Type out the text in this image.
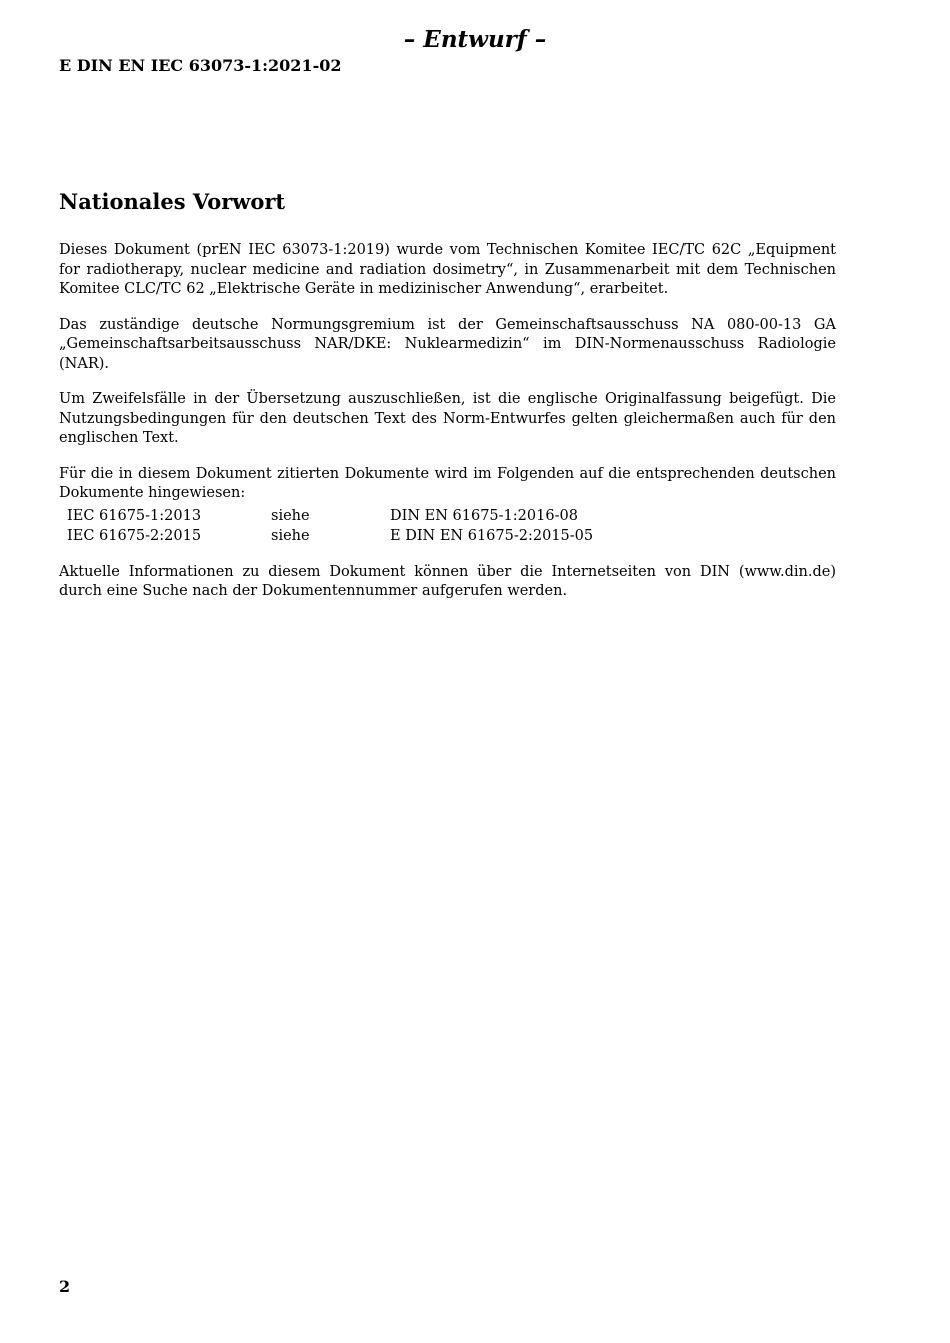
– Entwurf –
E DIN EN IEC 63073-1:2021-02
Nationales Vorwort

Dieses Dokument (prEN IEC 63073-1:2019) wurde vom Technischen Komitee IEC/TC 62C „Equipment for radiotherapy, nuclear medicine and radiation dosimetry“, in Zusammenarbeit mit dem Technischen Komitee CLC/TC 62 „Elektrische Geräte in medizinischer Anwendung“, erarbeitet.

Das zuständige deutsche Normungsgremium ist der Gemeinschaftsausschuss NA 080-00-13 GA „Gemeinschaftsarbeitsausschuss NAR/DKE: Nuklearmedizin“ im DIN-Normenausschuss Radiologie (NAR).

Um Zweifelsfälle in der Übersetzung auszuschließen, ist die englische Originalfassung beigefügt. Die Nutzungsbedingungen für den deutschen Text des Norm-Entwurfes gelten gleichermaßen auch für den englischen Text.

Für die in diesem Dokument zitierten Dokumente wird im Folgenden auf die entsprechenden deutschen Dokumente hingewiesen:

IEC 61675-1:2013	siehe	DIN EN 61675-1:2016-08
IEC 61675-2:2015	siehe	E DIN EN 61675-2:2015-05

Aktuelle Informationen zu diesem Dokument können über die Internetseiten von DIN (www.din.de) durch eine Suche nach der Dokumentennummer aufgerufen werden.

2
